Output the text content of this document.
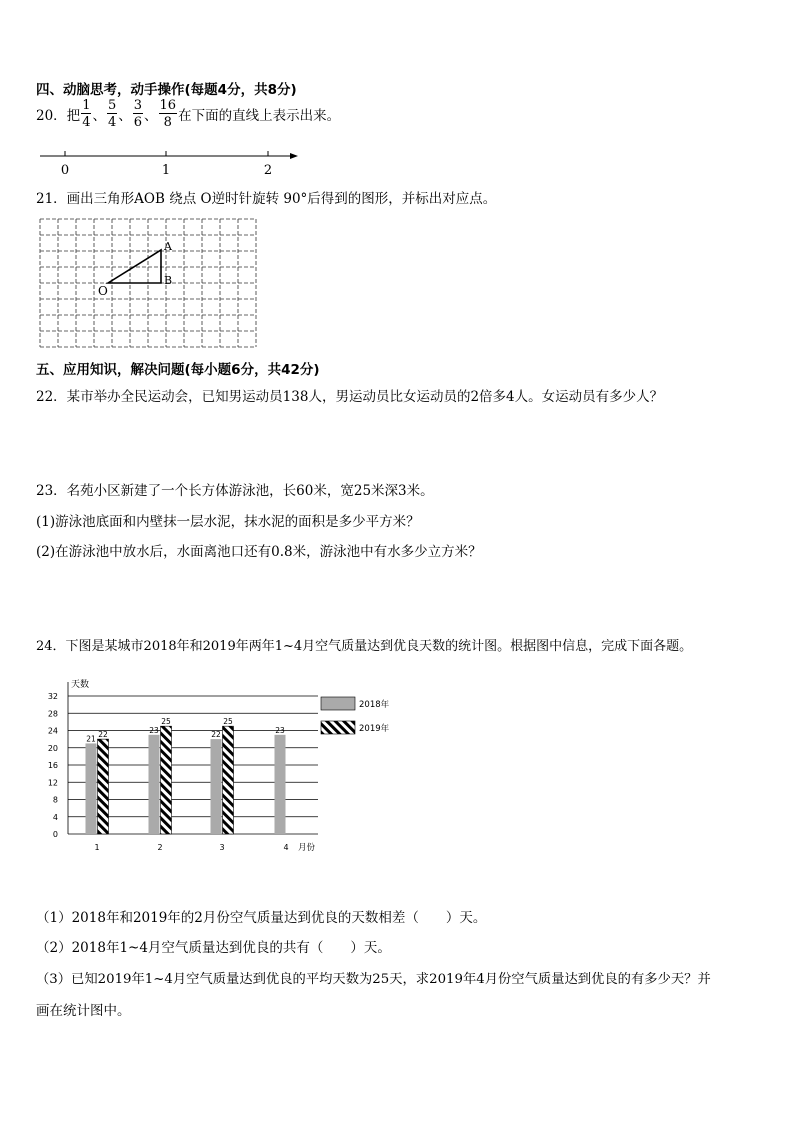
四、动脑思考，动手操作(每题4分，共8分)
20．把 $\frac{1}{4}$ 、 $\frac{5}{4}$ 、 $\frac{3}{6}$ 、 $\frac{16}{8}$ 在下面的直线上表示出来。
0	1	2
21．画出三角形AOB 绕点 O逆时针旋转 90°后得到的图形，并标出对应点。
A
B
O
五、应用知识，解决问题(每小题6分，共42分)
22．某市举办全民运动会，已知男运动员138人，男运动员比女运动员的2倍多4人。女运动员有多少人？
23．名苑小区新建了一个长方体游泳池，长60米，宽25米深3米。
(1)游泳池底面和内壁抹一层水泥，抹水泥的面积是多少平方米？
(2)在游泳池中放水后，水面离池口还有0.8米，游泳池中有水多少立方米？
24．下图是某城市2018年和2019年两年1~4月空气质量达到优良天数的统计图。根据图中信息，完成下面各题。
0
4
8
12
16
20
24
28
32
天数
1
21 22
2
23
25
3
22
25
4
23
月份
2018年
2019年
（1）2018年和2019年的2月份空气质量达到优良的天数相差（　　）天。
（2）2018年1~4月空气质量达到优良的共有（　　）天。
（3）已知2019年1~4月空气质量达到优良的平均天数为25天，求2019年4月份空气质量达到优良的有多少天？并
画在统计图中。
